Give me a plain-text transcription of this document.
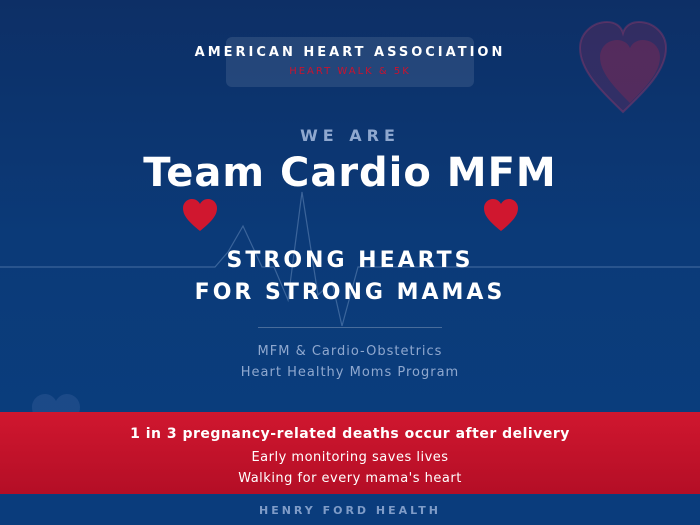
AMERICAN HEART ASSOCIATION
HEART WALK & 5K
WE ARE
Team Cardio MFM
STRONG HEARTS
FOR STRONG MAMAS
MFM & Cardio-Obstetrics
Heart Healthy Moms Program
1 in 3 pregnancy-related deaths occur after delivery
Early monitoring saves lives
Walking for every mama's heart
HENRY FORD HEALTH
